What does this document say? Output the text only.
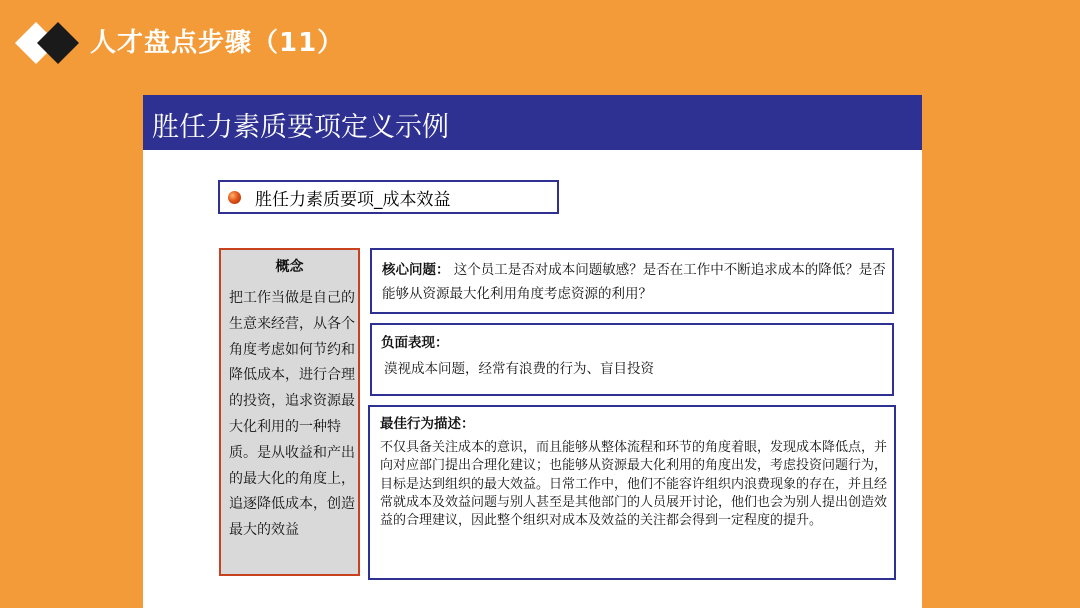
人才盘点步骤（11）
胜任力素质要项定义示例
胜任力素质要项_成本效益
概念
把工作当做是自己的生意来经营，从各个角度考虑如何节约和降低成本，进行合理的投资，追求资源最大化利用的一种特质。是从收益和产出的最大化的角度上，追逐降低成本，创造最大的效益
核心问题： 这个员工是否对成本问题敏感？是否在工作中不断追求成本的降低？是否能够从资源最大化利用角度考虑资源的利用？
负面表现：
漠视成本问题，经常有浪费的行为、盲目投资
最佳行为描述：
不仅具备关注成本的意识，而且能够从整体流程和环节的角度着眼，发现成本降低点，并向对应部门提出合理化建议；也能够从资源最大化利用的角度出发，考虑投资问题行为，目标是达到组织的最大效益。日常工作中，他们不能容许组织内浪费现象的存在，并且经常就成本及效益问题与别人甚至是其他部门的人员展开讨论，他们也会为别人提出创造效益的合理建议，因此整个组织对成本及效益的关注都会得到一定程度的提升。
